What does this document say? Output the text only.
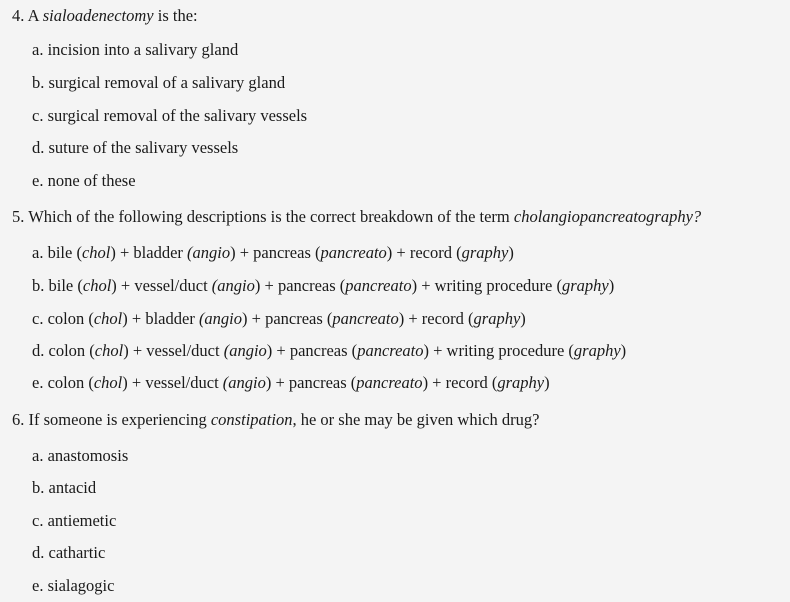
4. A sialoadenectomy is the:

a. incision into a salivary gland

b. surgical removal of a salivary gland

c. surgical removal of the salivary vessels

d. suture of the salivary vessels

e. none of these

5. Which of the following descriptions is the correct breakdown of the term cholangiopancreatography?

a. bile (chol) + bladder (angio) + pancreas (pancreato) + record (graphy)

b. bile (chol) + vessel/duct (angio) + pancreas (pancreato) + writing procedure (graphy)

c. colon (chol) + bladder (angio) + pancreas (pancreato) + record (graphy)

d. colon (chol) + vessel/duct (angio) + pancreas (pancreato) + writing procedure (graphy)

e. colon (chol) + vessel/duct (angio) + pancreas (pancreato) + record (graphy)

6. If someone is experiencing constipation, he or she may be given which drug?

a. anastomosis

b. antacid

c. antiemetic

d. cathartic

e. sialagogic
